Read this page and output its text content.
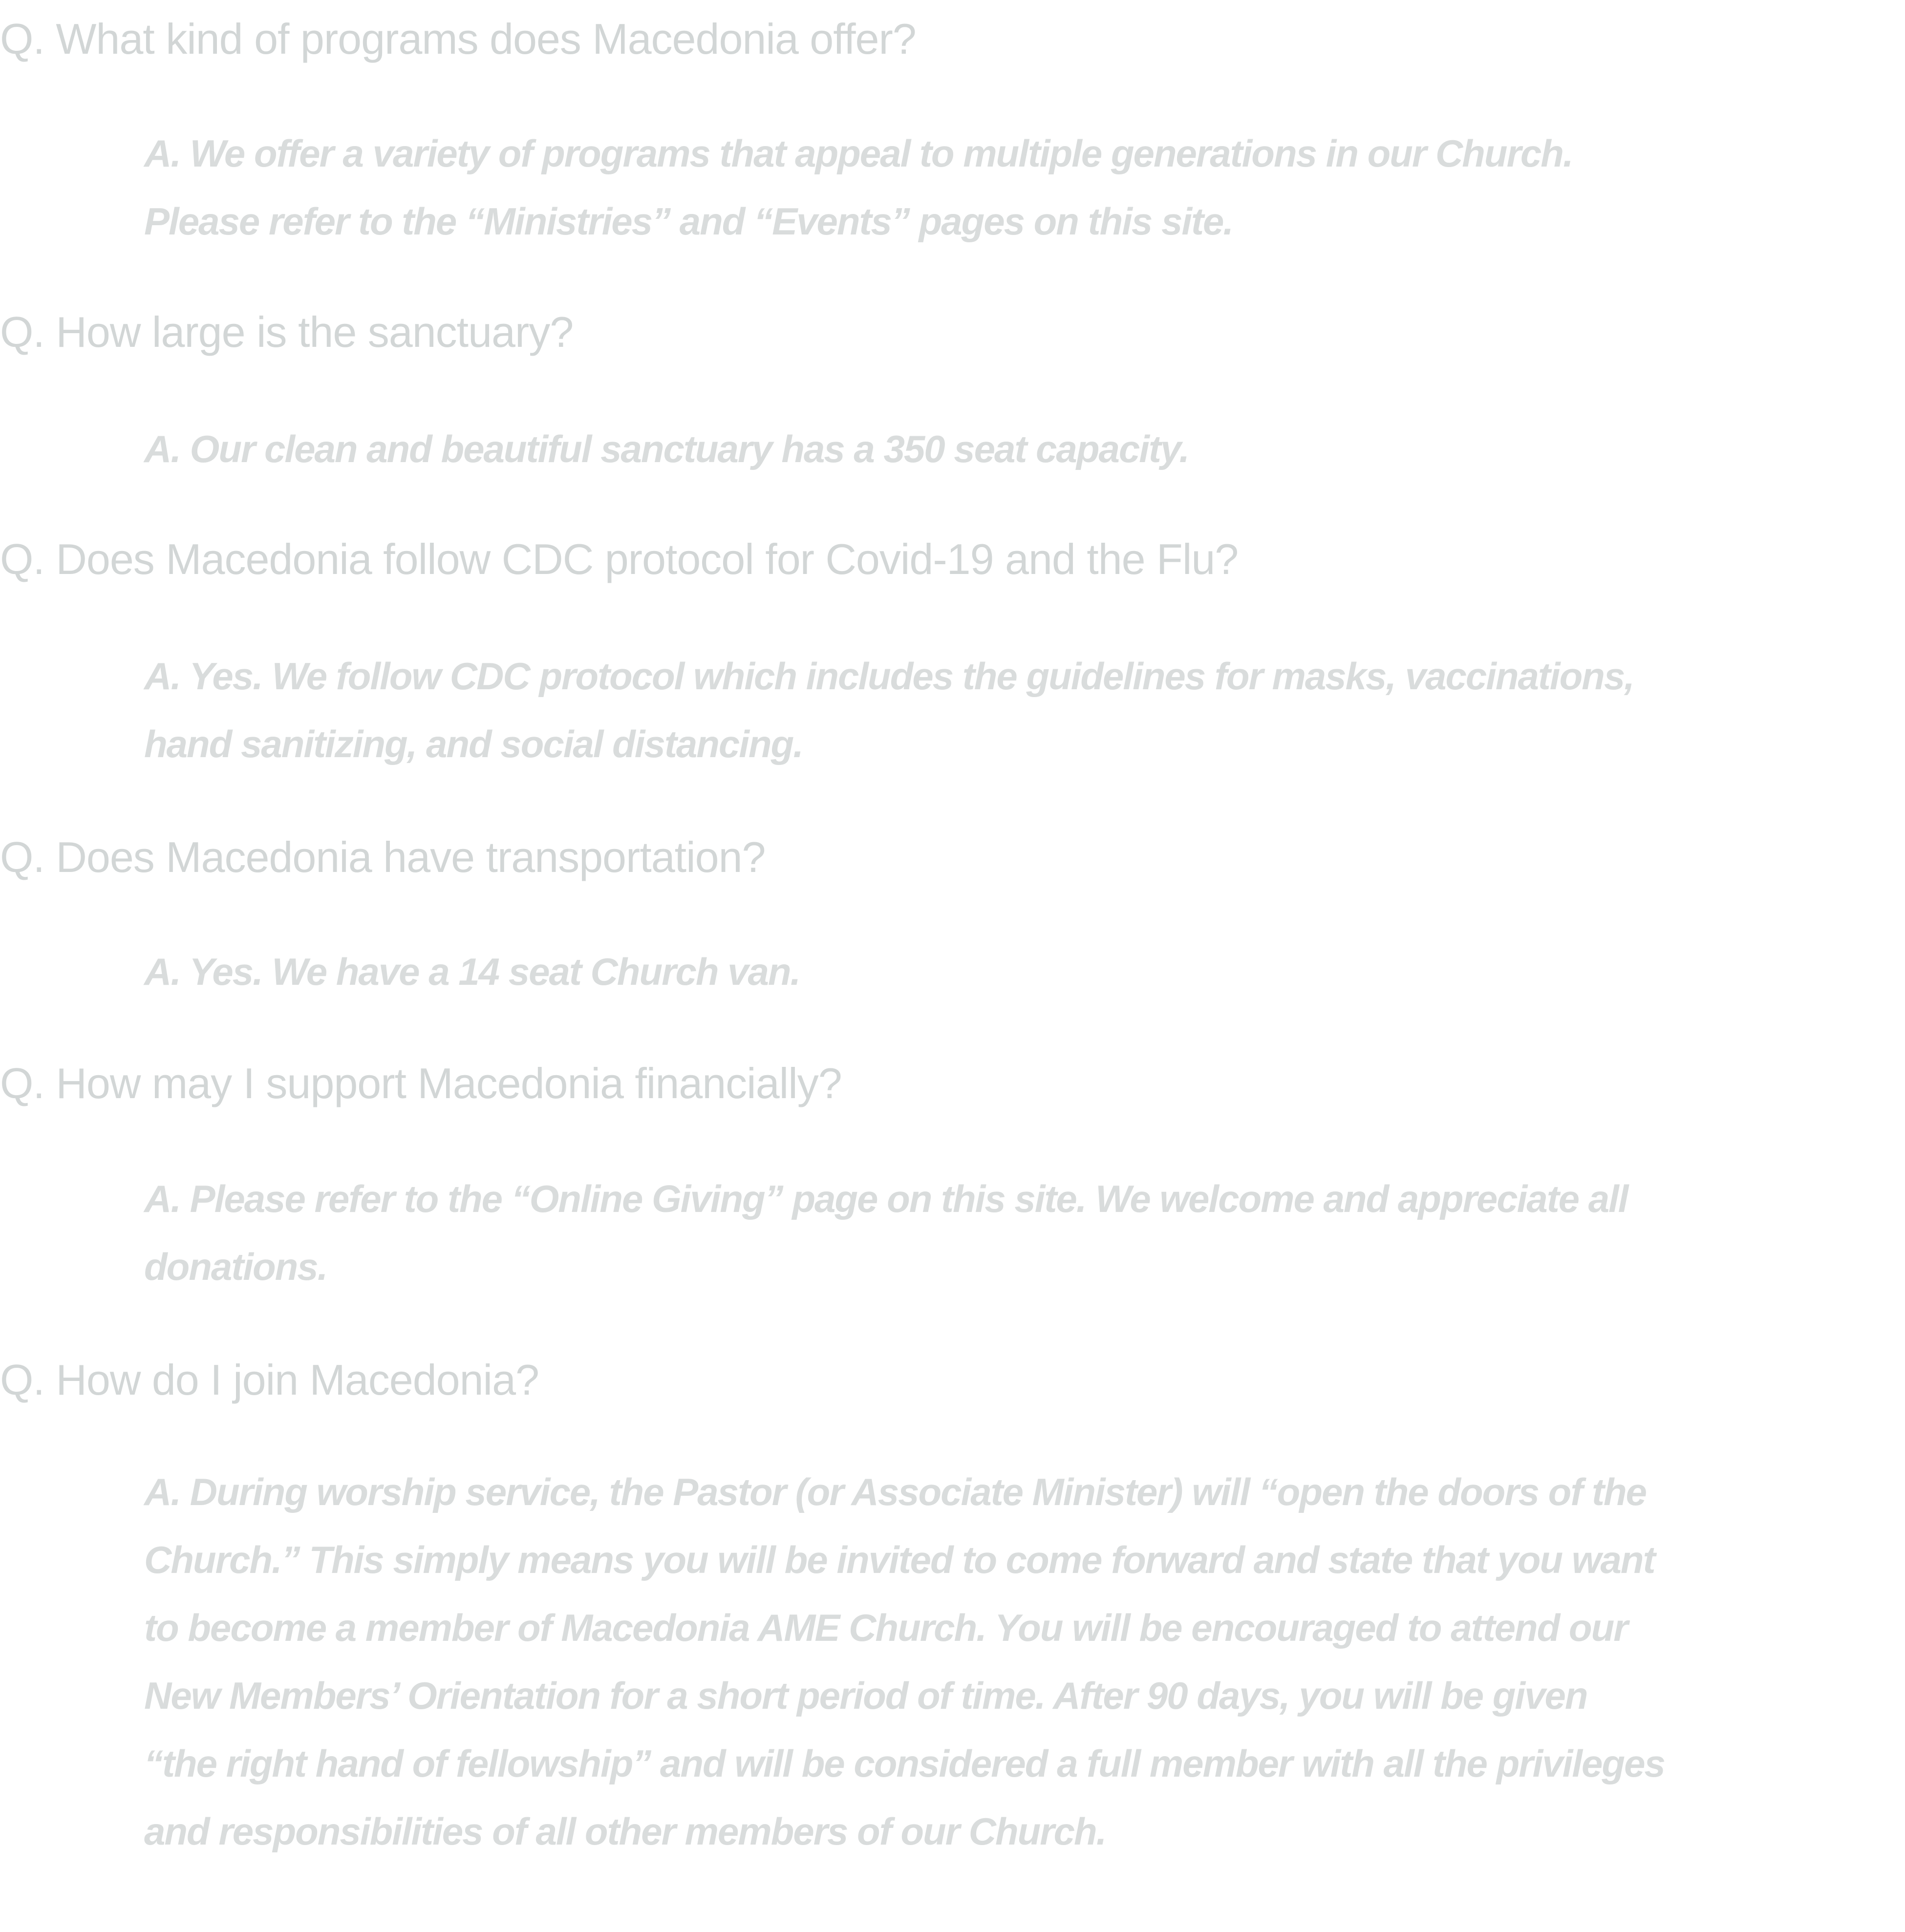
Q. What kind of programs does Macedonia offer?
A. We offer a variety of programs that appeal to multiple generations in our Church.
Please refer to the “Ministries” and “Events” pages on this site.
Q. How large is the sanctuary?
A. Our clean and beautiful sanctuary has a 350 seat capacity.
Q. Does Macedonia follow CDC protocol for Covid-19 and the Flu?
A. Yes. We follow CDC protocol which includes the guidelines for masks, vaccinations,
hand sanitizing, and social distancing.
Q. Does Macedonia have transportation?
A. Yes. We have a 14 seat Church van.
Q. How may I support Macedonia financially?
A. Please refer to the “Online Giving” page on this site. We welcome and appreciate all
donations.
Q. How do I join Macedonia?
A. During worship service, the Pastor (or Associate Minister) will “open the doors of the
Church.” This simply means you will be invited to come forward and state that you want
to become a member of Macedonia AME Church. You will be encouraged to attend our
New Members’ Orientation for a short period of time. After 90 days, you will be given
“the right hand of fellowship” and will be considered a full member with all the privileges
and responsibilities of all other members of our Church.
